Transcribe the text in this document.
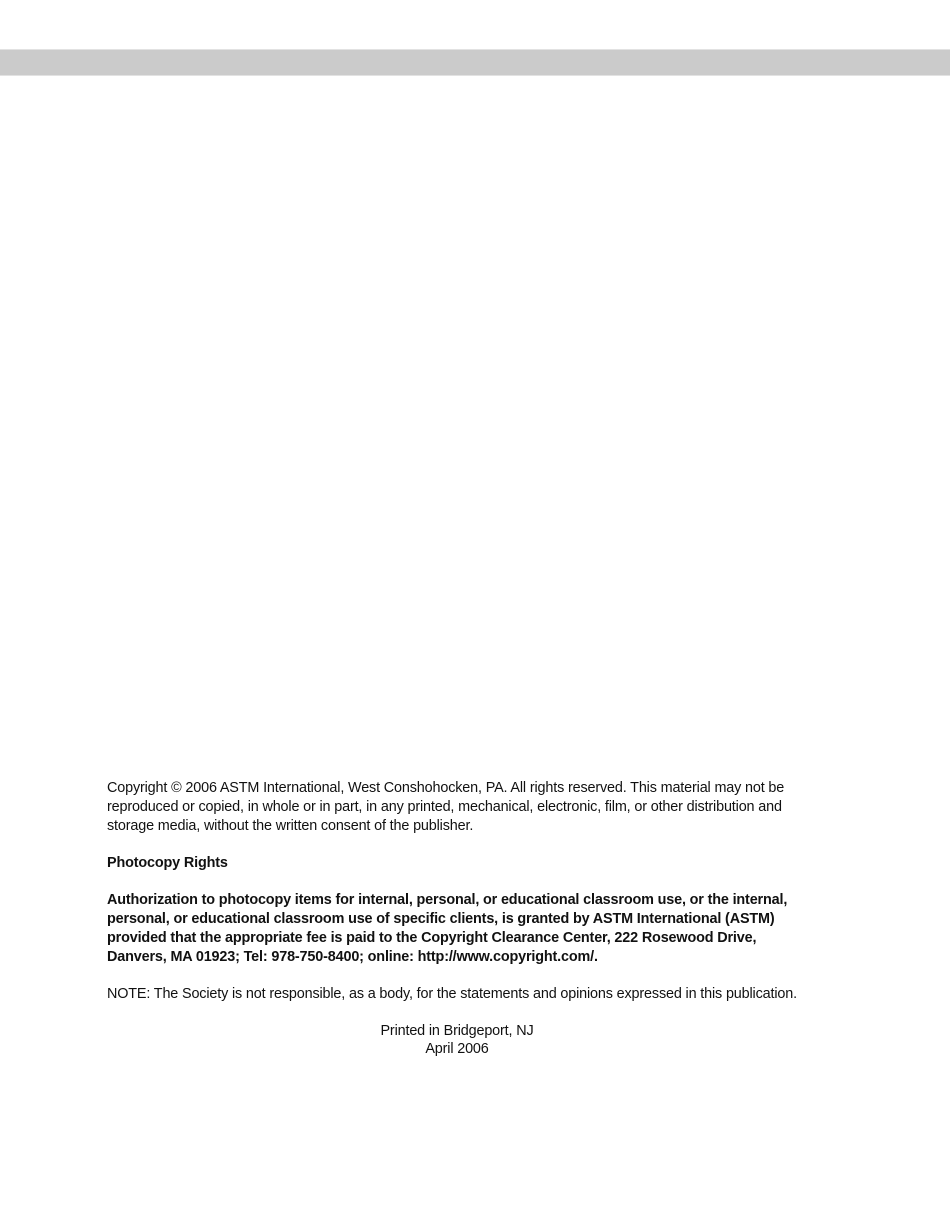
Copyright © 2006 ASTM International, West Conshohocken, PA. All rights reserved. This material may not be reproduced or copied, in whole or in part, in any printed, mechanical, electronic, film, or other distribution and storage media, without the written consent of the publisher.

Photocopy Rights

Authorization to photocopy items for internal, personal, or educational classroom use, or the internal, personal, or educational classroom use of specific clients, is granted by ASTM International (ASTM) provided that the appropriate fee is paid to the Copyright Clearance Center, 222 Rosewood Drive, Danvers, MA 01923; Tel: 978-750-8400; online: http://www.copyright.com/.

NOTE: The Society is not responsible, as a body, for the statements and opinions expressed in this publication.

Printed in Bridgeport, NJ
April 2006
